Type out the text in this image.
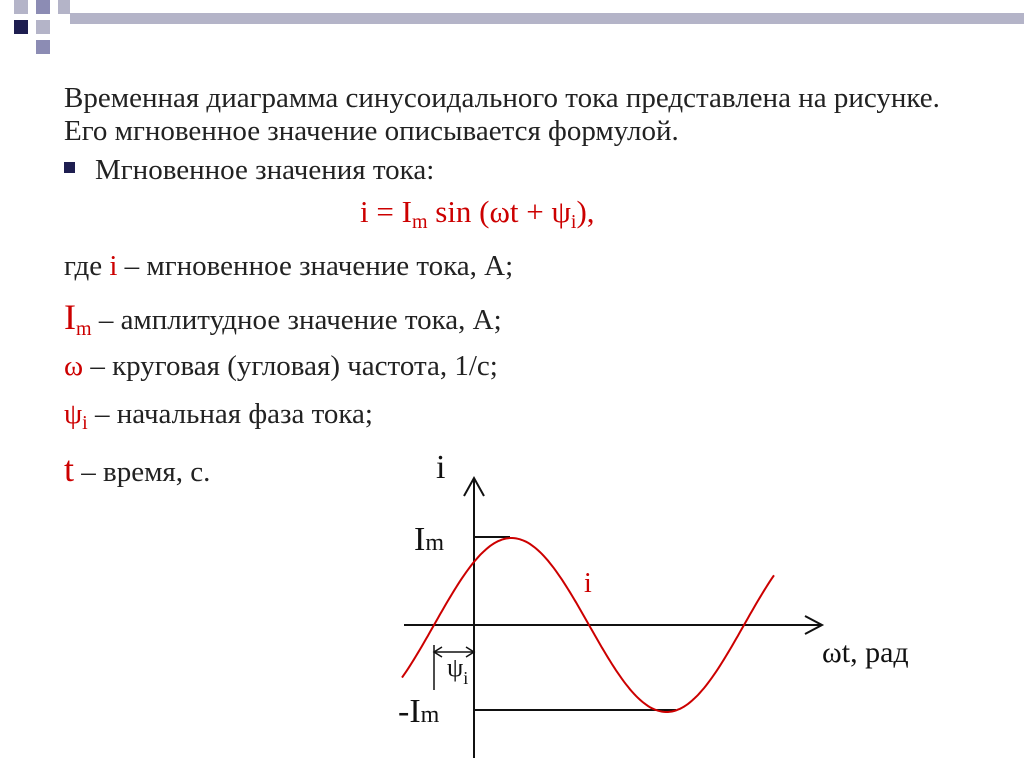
Временная диаграмма синусоидального тока представлена на рисунке. Его мгновенное значение описывается формулой.
Мгновенное значения тока:
$i = I_m$ $\sin (\omega t + \psi_i)$,
где i – мгновенное значение тока, А;
$I_m$ – амплитудное значение тока, А;
ω – круговая (угловая) частота, 1/с;
$\psi_i$ – начальная фаза тока;
t – время, с.	i
Im
-Im
ωt, рад
i
$\psi_i$
